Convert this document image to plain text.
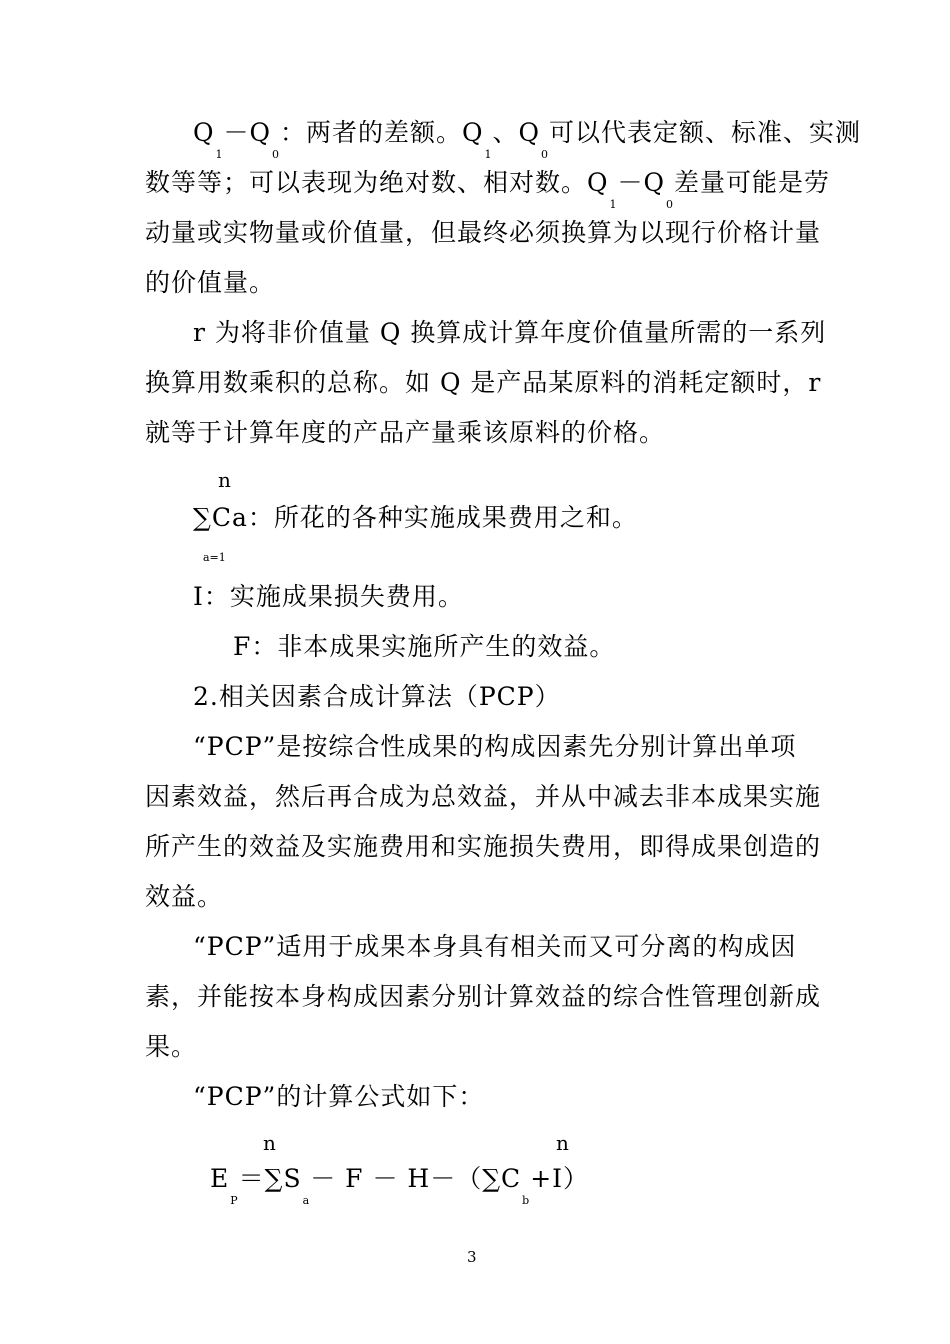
$Q_1-Q_0$：两者的差额。$Q_1$、$Q_0$可以代表定额、标准、实测
数等等；可以表现为绝对数、相对数。$Q_1-Q_0$差量可能是劳
动量或实物量或价值量，但最终必须换算为以现行价格计量
的价值量。
r 为将非价值量 Q 换算成计算年度价值量所需的一系列
换算用数乘积的总称。如 Q 是产品某原料的消耗定额时，r
就等于计算年度的产品产量乘该原料的价格。
n
∑Ca：所花的各种实施成果费用之和。
a=1
I：实施成果损失费用。
F：非本成果实施所产生的效益。
2.相关因素合成计算法（PCP）
“PCP”是按综合性成果的构成因素先分别计算出单项
因素效益，然后再合成为总效益，并从中减去非本成果实施
所产生的效益及实施费用和实施损失费用，即得成果创造的
效益。
“PCP”适用于成果本身具有相关而又可分离的构成因
素，并能按本身构成因素分别计算效益的综合性管理创新成
果。
“PCP”的计算公式如下：
n	n
$E_P=\sum S_a- F - H-(\sum C_b+I)$
3
